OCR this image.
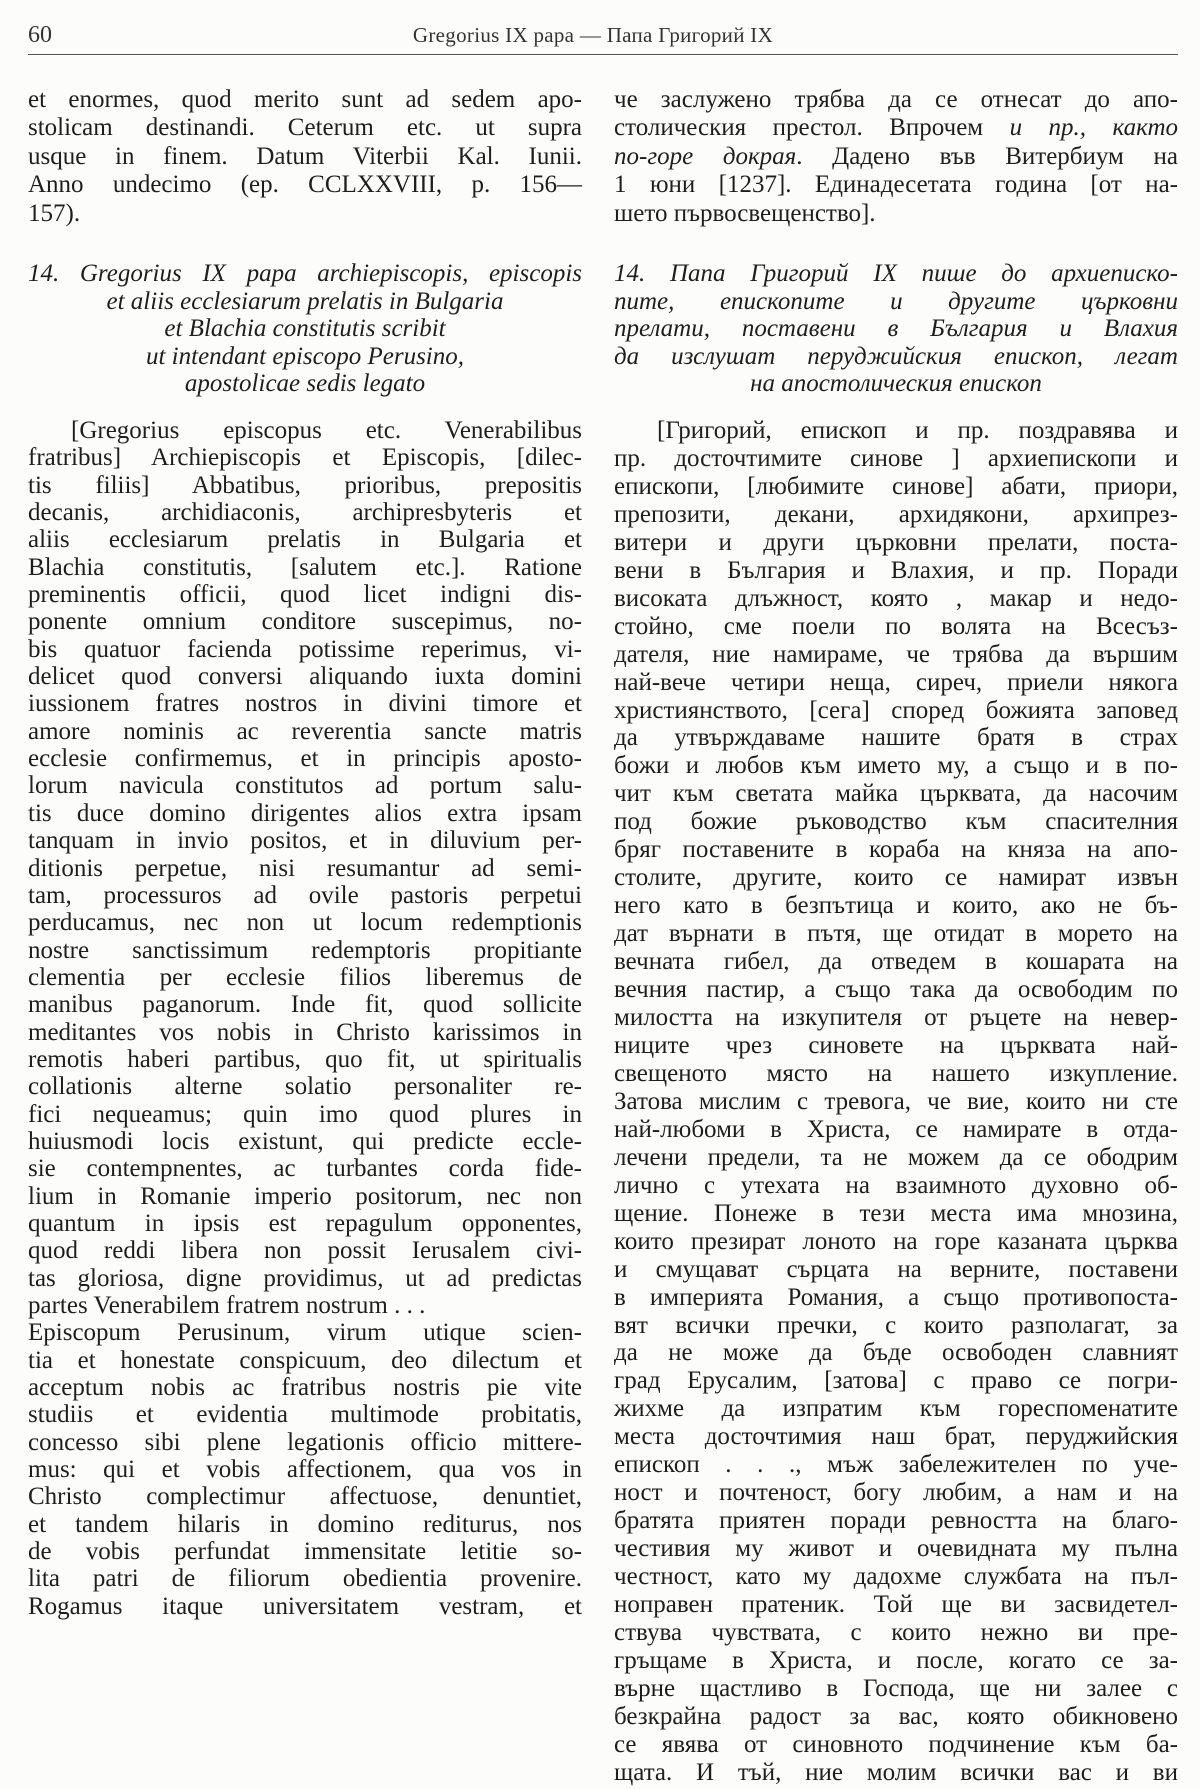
60	Gregorius IX papa — Папа Григорий IX
et enormes, quod merito sunt ad sedem apo-
stolicam destinandi. Ceterum etc. ut supra
usque in finem. Datum Viterbii Kal. Iunii.
Anno undecimo (ep. CCLXXVIII, p. 156—
157).
14. Gregorius IX papa archiepiscopis, episcopis
et aliis ecclesiarum prelatis in Bulgaria
et Blachia constitutis scribit
ut intendant episcopo Perusino,
apostolicae sedis legato
[Gregorius episcopus etc. Venerabilibus
fratribus] Archiepiscopis et Episcopis, [dilec-
tis filiis] Abbatibus, prioribus, prepositis
decanis, archidiaconis, archipresbyteris et
aliis ecclesiarum prelatis in Bulgaria et
Blachia constitutis, [salutem etc.]. Ratione
preminentis officii, quod licet indigni dis-
ponente omnium conditore suscepimus, no-
bis quatuor facienda potissime reperimus, vi-
delicet quod conversi aliquando iuxta domini
iussionem fratres nostros in divini timore et
amore nominis ac reverentia sancte matris
ecclesie confirmemus, et in principis aposto-
lorum navicula constitutos ad portum salu-
tis duce domino dirigentes alios extra ipsam
tanquam in invio positos, et in diluvium per-
ditionis perpetue, nisi resumantur ad semi-
tam, processuros ad ovile pastoris perpetui
perducamus, nec non ut locum redemptionis
nostre sanctissimum redemptoris propitiante
clementia per ecclesie filios liberemus de
manibus paganorum. Inde fit, quod sollicite
meditantes vos nobis in Christo karissimos in
remotis haberi partibus, quo fit, ut spiritualis
collationis alterne solatio personaliter re-
fici nequeamus; quin imo quod plures in
huiusmodi locis existunt, qui predicte eccle-
sie contempnentes, ac turbantes corda fide-
lium in Romanie imperio positorum, nec non
quantum in ipsis est repagulum opponentes,
quod reddi libera non possit Ierusalem civi-
tas gloriosa, digne providimus, ut ad predictas
partes Venerabilem fratrem nostrum . . .
Episcopum Perusinum, virum utique scien-
tia et honestate conspicuum, deo dilectum et
acceptum nobis ac fratribus nostris pie vite
studiis et evidentia multimode probitatis,
concesso sibi plene legationis officio mittere-
mus: qui et vobis affectionem, qua vos in
Christo complectimur affectuose, denuntiet,
et tandem hilaris in domino rediturus, nos
de vobis perfundat immensitate letitie so-
lita patri de filiorum obedientia provenire.
Rogamus itaque universitatem vestram, et
че заслужено трябва да се отнесат до апо-
столическия престол. Впрочем и пр., както
по-горе докрая. Дадено във Витербиум на
1 юни [1237]. Единадесетата година [от на-
шето първосвещенство].
14. Папа Григорий IX пише до архиеписко-
пите, епископите и другите църковни
прелати, поставени в България и Влахия
да изслушат перуджийския епископ, легат
на апостолическия епископ
[Григорий, епископ и пр. поздравява и
пр. досточтимите синове ] архиепископи и
епископи, [любимите синове] абати, приори,
препозити, декани, архидякони, архипрез-
витери и други църковни прелати, поста-
вени в България и Влахия, и пр. Поради
високата длъжност, която , макар и недо-
стойно, сме поели по волята на Всесъз-
дателя, ние намираме, че трябва да вършим
най-вече четири неща, сиреч, приели някога
християнството, [сега] според божията заповед
да утвърждаваме нашите братя в страх
божи и любов към името му, а също и в по-
чит към светата майка църквата, да насочим
под божие ръководство към спасителния
бряг поставените в кораба на княза на апо-
столите, другите, които се намират извън
него като в безпътица и които, ако не бъ-
дат върнати в пътя, ще отидат в морето на
вечната гибел, да отведем в кошарата на
вечния пастир, а също така да освободим по
милостта на изкупителя от ръцете на невер-
ниците чрез синовете на църквата най-
свещеното място на нашето изкупление.
Затова мислим с тревога, че вие, които ни сте
най-любоми в Христа, се намирате в отда-
лечени предели, та не можем да се ободрим
лично с утехата на взаимното духовно об-
щение. Понеже в тези места има мнозина,
които презират лоното на горе казаната църква
и смущават сърцата на верните, поставени
в империята Романия, а също противопоста-
вят всички пречки, с които разполагат, за
да не може да бъде освободен славният
град Ерусалим, [затова] с право се погри-
жихме да изпратим към гореспоменатите
места досточтимия наш брат, перуджийския
епископ . . ., мъж забележителен по уче-
ност и почтеност, богу любим, а нам и на
братята приятен поради ревността на благо-
честивия му живот и очевидната му пълна
честност, като му дадохме службата на пъл-
ноправен пратеник. Той ще ви засвидетел-
ствува чувствата, с които нежно ви пре-
гръщаме в Христа, и после, когато се за-
върне щастливо в Господа, ще ни залее с
безкрайна радост за вас, която обикновено
се явява от синовното подчинение към ба-
щата. И тъй, ние молим всички вас и ви
